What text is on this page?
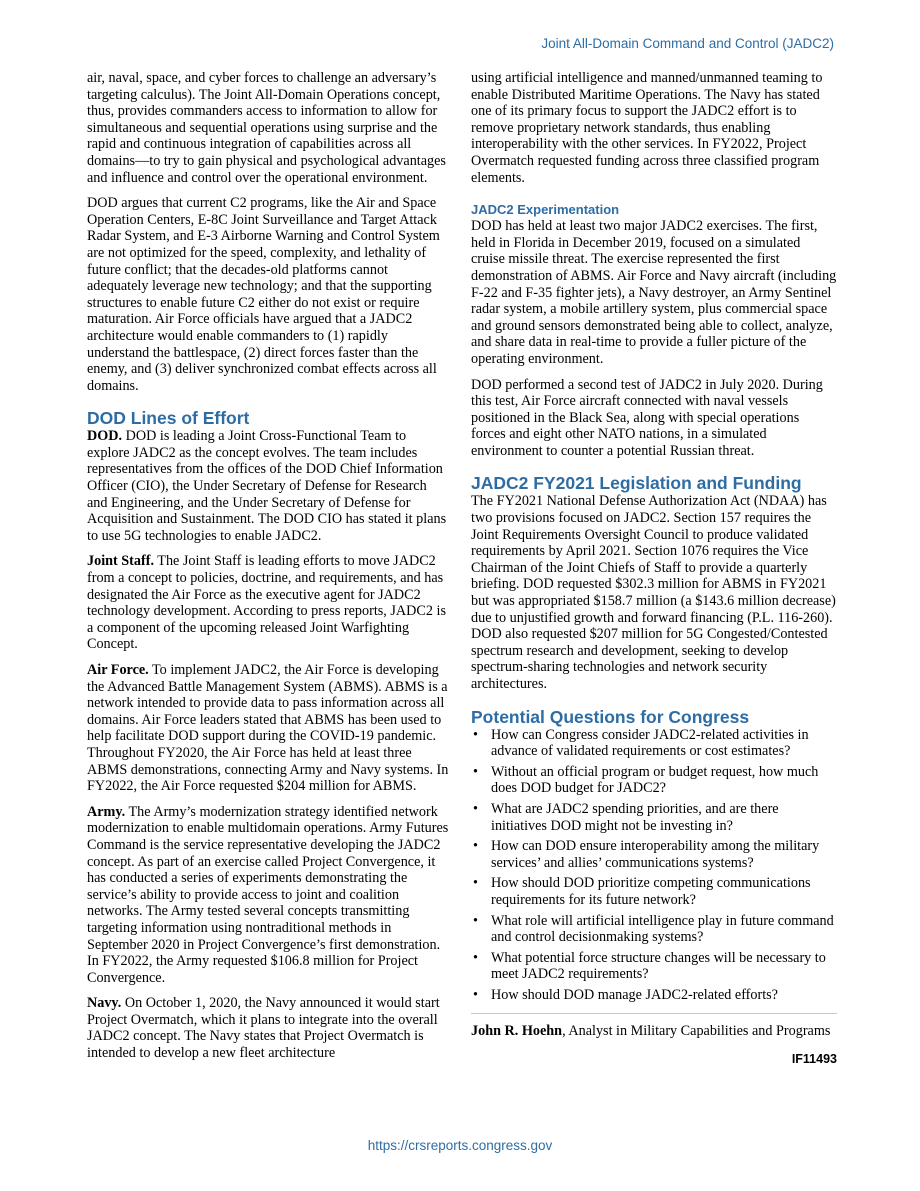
Joint All-Domain Command and Control (JADC2)

air, naval, space, and cyber forces to challenge an adversary’s targeting calculus). The Joint All-Domain Operations concept, thus, provides commanders access to information to allow for simultaneous and sequential operations using surprise and the rapid and continuous integration of capabilities across all domains—to try to gain physical and psychological advantages and influence and control over the operational environment.

DOD argues that current C2 programs, like the Air and Space Operation Centers, E-8C Joint Surveillance and Target Attack Radar System, and E-3 Airborne Warning and Control System are not optimized for the speed, complexity, and lethality of future conflict; that the decades-old platforms cannot adequately leverage new technology; and that the supporting structures to enable future C2 either do not exist or require maturation. Air Force officials have argued that a JADC2 architecture would enable commanders to (1) rapidly understand the battlespace, (2) direct forces faster than the enemy, and (3) deliver synchronized combat effects across all domains.

DOD Lines of Effort

DOD. DOD is leading a Joint Cross-Functional Team to explore JADC2 as the concept evolves. The team includes representatives from the offices of the DOD Chief Information Officer (CIO), the Under Secretary of Defense for Research and Engineering, and the Under Secretary of Defense for Acquisition and Sustainment. The DOD CIO has stated it plans to use 5G technologies to enable JADC2.

Joint Staff. The Joint Staff is leading efforts to move JADC2 from a concept to policies, doctrine, and requirements, and has designated the Air Force as the executive agent for JADC2 technology development. According to press reports, JADC2 is a component of the upcoming released Joint Warfighting Concept.

Air Force. To implement JADC2, the Air Force is developing the Advanced Battle Management System (ABMS). ABMS is a network intended to provide data to pass information across all domains. Air Force leaders stated that ABMS has been used to help facilitate DOD support during the COVID-19 pandemic. Throughout FY2020, the Air Force has held at least three ABMS demonstrations, connecting Army and Navy systems. In FY2022, the Air Force requested $204 million for ABMS.

Army. The Army’s modernization strategy identified network modernization to enable multidomain operations. Army Futures Command is the service representative developing the JADC2 concept. As part of an exercise called Project Convergence, it has conducted a series of experiments demonstrating the service’s ability to provide access to joint and coalition networks. The Army tested several concepts transmitting targeting information using nontraditional methods in September 2020 in Project Convergence’s first demonstration. In FY2022, the Army requested $106.8 million for Project Convergence.

Navy. On October 1, 2020, the Navy announced it would start Project Overmatch, which it plans to integrate into the overall JADC2 concept. The Navy states that Project Overmatch is intended to develop a new fleet architecture

using artificial intelligence and manned/unmanned teaming to enable Distributed Maritime Operations. The Navy has stated one of its primary focus to support the JADC2 effort is to remove proprietary network standards, thus enabling interoperability with the other services. In FY2022, Project Overmatch requested funding across three classified program elements.

JADC2 Experimentation

DOD has held at least two major JADC2 exercises. The first, held in Florida in December 2019, focused on a simulated cruise missile threat. The exercise represented the first demonstration of ABMS. Air Force and Navy aircraft (including F-22 and F-35 fighter jets), a Navy destroyer, an Army Sentinel radar system, a mobile artillery system, plus commercial space and ground sensors demonstrated being able to collect, analyze, and share data in real-time to provide a fuller picture of the operating environment.

DOD performed a second test of JADC2 in July 2020. During this test, Air Force aircraft connected with naval vessels positioned in the Black Sea, along with special operations forces and eight other NATO nations, in a simulated environment to counter a potential Russian threat.

JADC2 FY2021 Legislation and Funding

The FY2021 National Defense Authorization Act (NDAA) has two provisions focused on JADC2. Section 157 requires the Joint Requirements Oversight Council to produce validated requirements by April 2021. Section 1076 requires the Vice Chairman of the Joint Chiefs of Staff to provide a quarterly briefing. DOD requested $302.3 million for ABMS in FY2021 but was appropriated $158.7 million (a $143.6 million decrease) due to unjustified growth and forward financing (P.L. 116-260). DOD also requested $207 million for 5G Congested/Contested spectrum research and development, seeking to develop spectrum-sharing technologies and network security architectures.

Potential Questions for Congress
• How can Congress consider JADC2-related activities in advance of validated requirements or cost estimates?
• Without an official program or budget request, how much does DOD budget for JADC2?
• What are JADC2 spending priorities, and are there initiatives DOD might not be investing in?
• How can DOD ensure interoperability among the military services’ and allies’ communications systems?
• How should DOD prioritize competing communications requirements for its future network?
• What role will artificial intelligence play in future command and control decisionmaking systems?
• What potential force structure changes will be necessary to meet JADC2 requirements?
• How should DOD manage JADC2-related efforts?

John R. Hoehn, Analyst in Military Capabilities and Programs

IF11493
https://crsreports.congress.gov
